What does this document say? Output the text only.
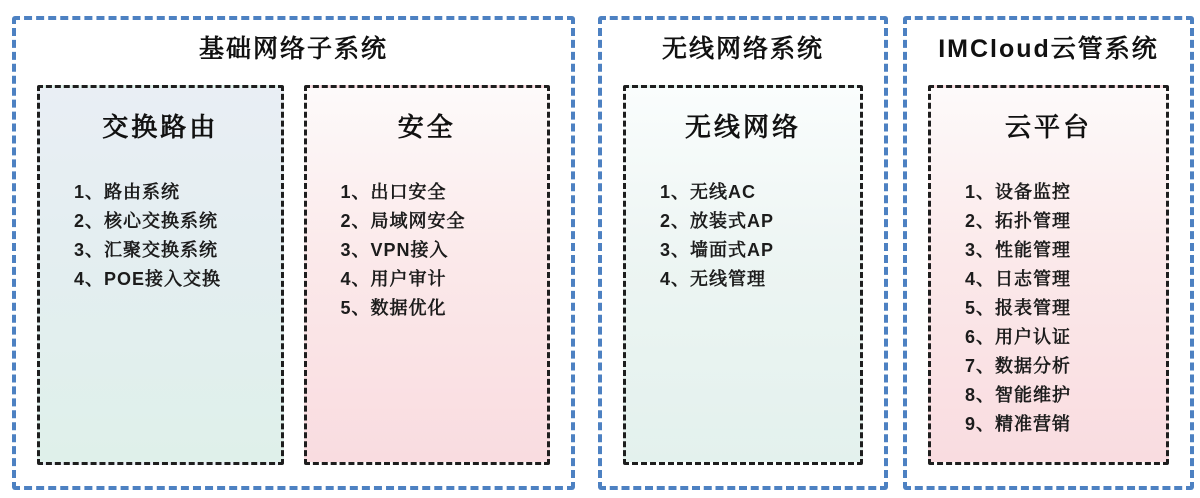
基础网络子系统
交换路由
1、路由系统
2、核心交换系统
3、汇聚交换系统
4、POE接入交换
安全
1、出口安全
2、局域网安全
3、VPN接入
4、用户审计
5、数据优化
无线网络系统
无线网络
1、无线AC
2、放装式AP
3、墙面式AP
4、无线管理
IMCloud云管系统
云平台
1、设备监控
2、拓扑管理
3、性能管理
4、日志管理
5、报表管理
6、用户认证
7、数据分析
8、智能维护
9、精准营销
